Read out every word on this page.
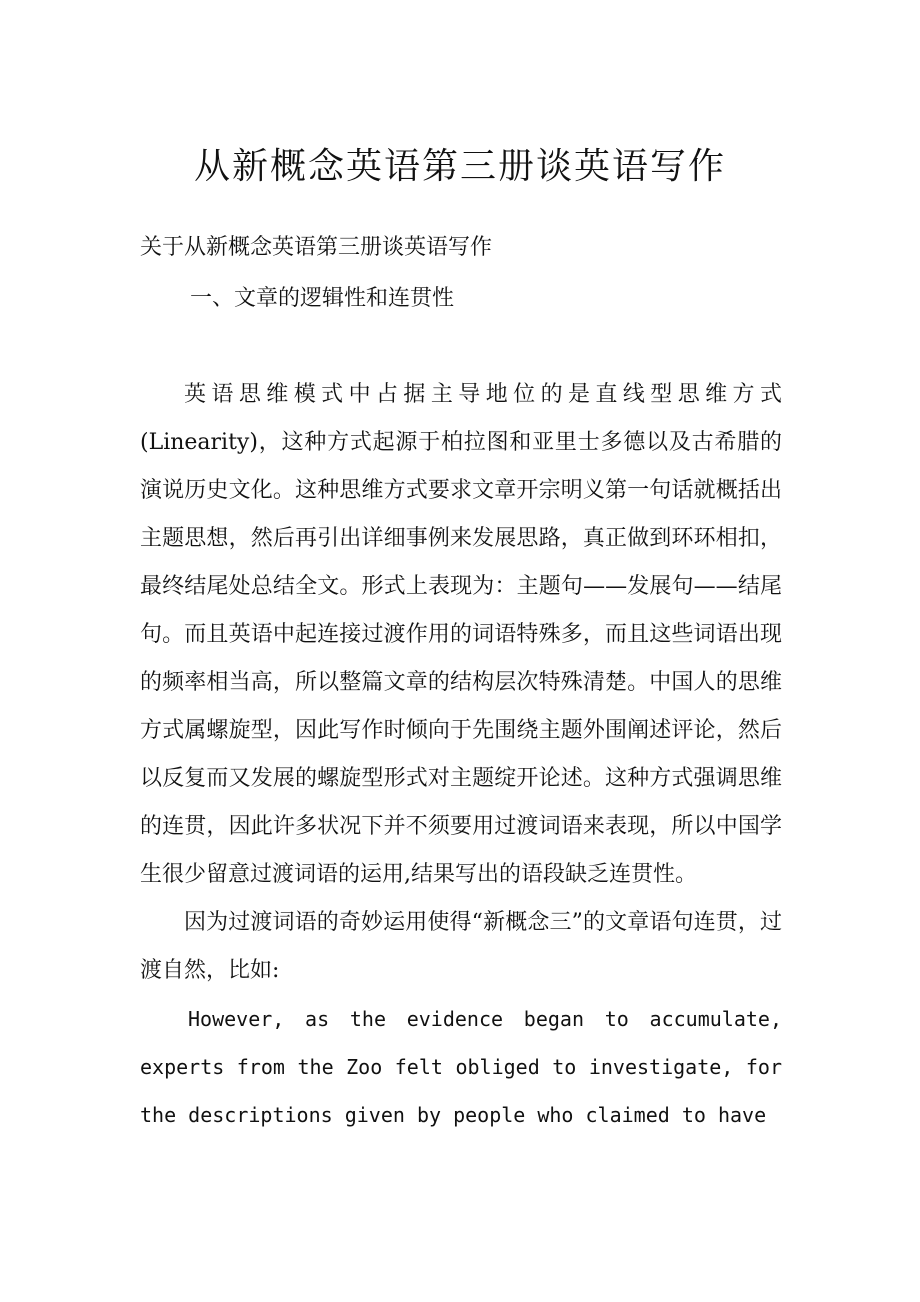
从新概念英语第三册谈英语写作

关于从新概念英语第三册谈英语写作

一、文章的逻辑性和连贯性

英语思维模式中占据主导地位的是直线型思维方式(Linearity)，这种方式起源于柏拉图和亚里士多德以及古希腊的演说历史文化。这种思维方式要求文章开宗明义第一句话就概括出主题思想，然后再引出详细事例来发展思路，真正做到环环相扣，最终结尾处总结全文。形式上表现为：主题句——发展句——结尾句。而且英语中起连接过渡作用的词语特殊多，而且这些词语出现的频率相当高，所以整篇文章的结构层次特殊清楚。中国人的思维方式属螺旋型，因此写作时倾向于先围绕主题外围阐述评论，然后以反复而又发展的螺旋型形式对主题绽开论述。这种方式强调思维的连贯，因此许多状况下并不须要用过渡词语来表现，所以中国学生很少留意过渡词语的运用,结果写出的语段缺乏连贯性。

因为过渡词语的奇妙运用使得“新概念三”的文章语句连贯，过渡自然，比如:

However, as the evidence began to accumulate, experts from the Zoo felt obliged to investigate, for the descriptions given by people who claimed to have
